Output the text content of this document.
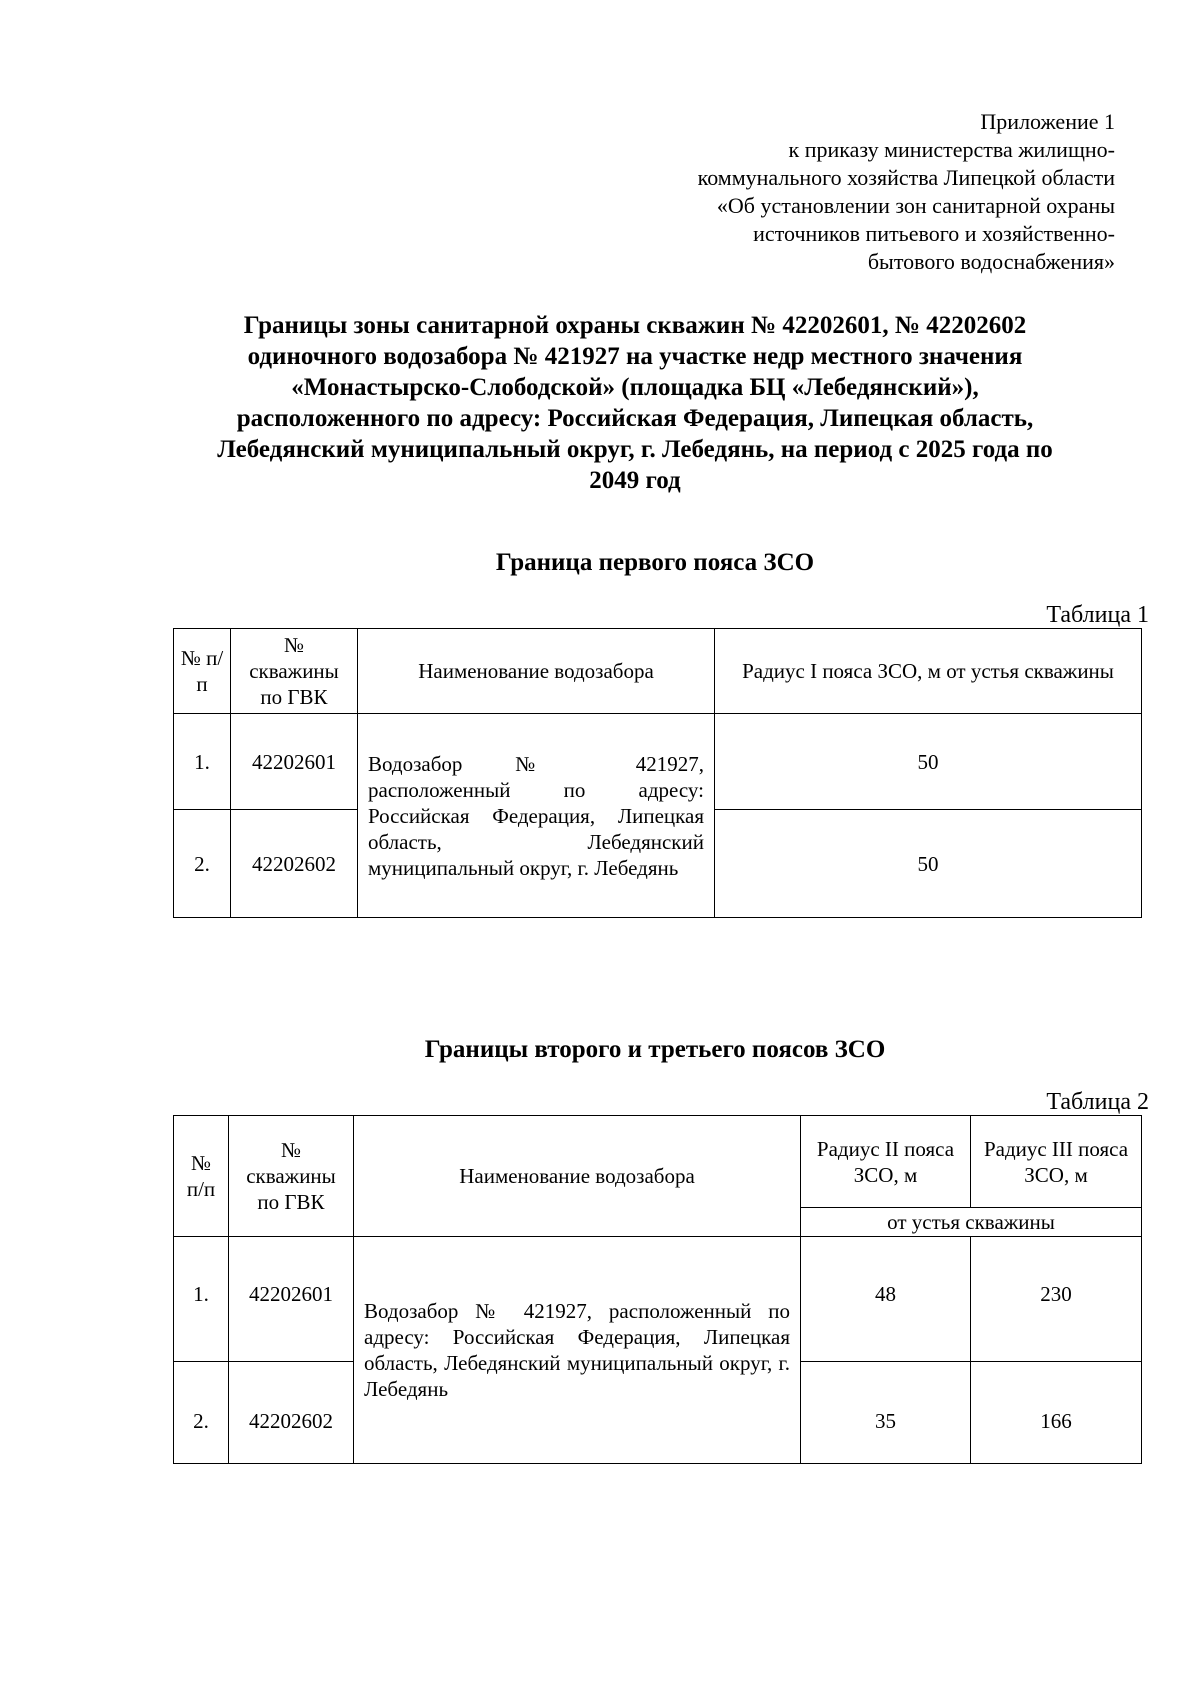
Приложение 1
к приказу министерства жилищно-
коммунального хозяйства Липецкой области
«Об установлении зон санитарной охраны
источников питьевого и хозяйственно-
бытового водоснабжения»
Границы зоны санитарной охраны скважин № 42202601, № 42202602
одиночного водозабора № 421927 на участке недр местного значения
«Монастырско-Слободской» (площадка БЦ «Лебедянский»),
расположенного по адресу: Российская Федерация, Липецкая область,
Лебедянский муниципальный округ, г. Лебедянь, на период с 2025 года по
2049 год
Граница первого пояса ЗСО
Таблица 1
№ п/п	№ скважины по ГВК	Наименование водозабора	Радиус I пояса ЗСО, м от устья скважины
1.	42202601	Водозабор № 421927, расположенный по адресу: Российская Федерация, Липецкая область, Лебедянский муниципальный округ, г. Лебедянь	50
2.	42202602		50
Границы второго и третьего поясов ЗСО
Таблица 2
№ п/п	№ скважины по ГВК	Наименование водозабора	Радиус II пояса ЗСО, м	Радиус III пояса ЗСО, м
			от устья скважины	
1.	42202601	Водозабор № 421927, расположенный по адресу: Российская Федерация, Липецкая область, Лебедянский муниципальный округ, г. Лебедянь	48	230
2.	42202602		35	166
